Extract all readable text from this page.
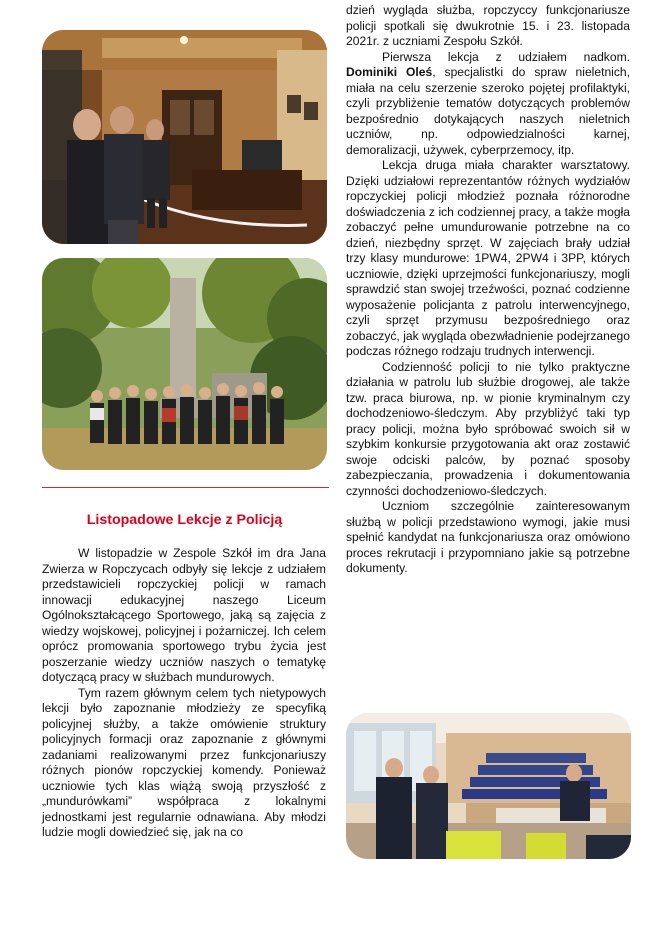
Listopadowe Lekcje z Policją

W listopadzie w Zespole Szkół im dra Jana Zwierza w Ropczycach odbyły się lekcje z udziałem przedstawicieli ropczyckiej policji w ramach innowacji edukacyjnej naszego Liceum Ogólnokształcącego Sportowego, jaką są zajęcia z wiedzy wojskowej, policyjnej i pożarniczej. Ich celem oprócz promowania sportowego trybu życia jest poszerzanie wiedzy uczniów naszych o tematykę dotyczącą pracy w służbach mundurowych.

Tym razem głównym celem tych nietypowych lekcji było zapoznanie młodzieży ze specyfiką policyjnej służby, a także omówienie struktury policyjnych formacji oraz zapoznanie z głównymi zadaniami realizowanymi przez funkcjonariuszy różnych pionów ropczyckiej komendy. Ponieważ uczniowie tych klas wiążą swoją przyszłość z „mundurówkami” współpraca z lokalnymi jednostkami jest regularnie odnawiana. Aby młodzi ludzie mogli dowiedzieć się, jak na co

dzień wygląda służba, ropczyccy funkcjonariusze policji spotkali się dwukrotnie 15. i 23. listopada 2021r. z uczniami Zespołu Szkół.

Pierwsza lekcja z udziałem nadkom. Dominiki Oleś, specjalistki do spraw nieletnich, miała na celu szerzenie szeroko pojętej profilaktyki, czyli przybliżenie tematów dotyczących problemów bezpośrednio dotykających naszych nieletnich uczniów, np. odpowiedzialności karnej, demoralizacji, używek, cyberprzemocy, itp.

Lekcja druga miała charakter warsztatowy. Dzięki udziałowi reprezentantów różnych wydziałów ropczyckiej policji młodzież poznała różnorodne doświadczenia z ich codziennej pracy, a także mogła zobaczyć pełne umundurowanie potrzebne na co dzień, niezbędny sprzęt. W zajęciach brały udział trzy klasy mundurowe: 1PW4, 2PW4 i 3PP, których uczniowie, dzięki uprzejmości funkcjonariuszy, mogli sprawdzić stan swojej trzeźwości, poznać codzienne wyposażenie policjanta z patrolu interwencyjnego, czyli sprzęt przymusu bezpośredniego oraz zobaczyć, jak wygląda obezwładnienie podejrzanego podczas różnego rodzaju trudnych interwencji.

Codzienność policji to nie tylko praktyczne działania w patrolu lub służbie drogowej, ale także tzw. praca biurowa, np. w pionie kryminalnym czy dochodzeniowo-śledczym. Aby przybliżyć taki typ pracy policji, można było spróbować swoich sił w szybkim konkursie przygotowania akt oraz zostawić swoje odciski palców, by poznać sposoby zabezpieczania, prowadzenia i dokumentowania czynności dochodzeniowo-śledczych.

Uczniom szczególnie zainteresowanym służbą w policji przedstawiono wymogi, jakie musi spełnić kandydat na funkcjonariusza oraz omówiono proces rekrutacji i przypomniano jakie są potrzebne dokumenty.
